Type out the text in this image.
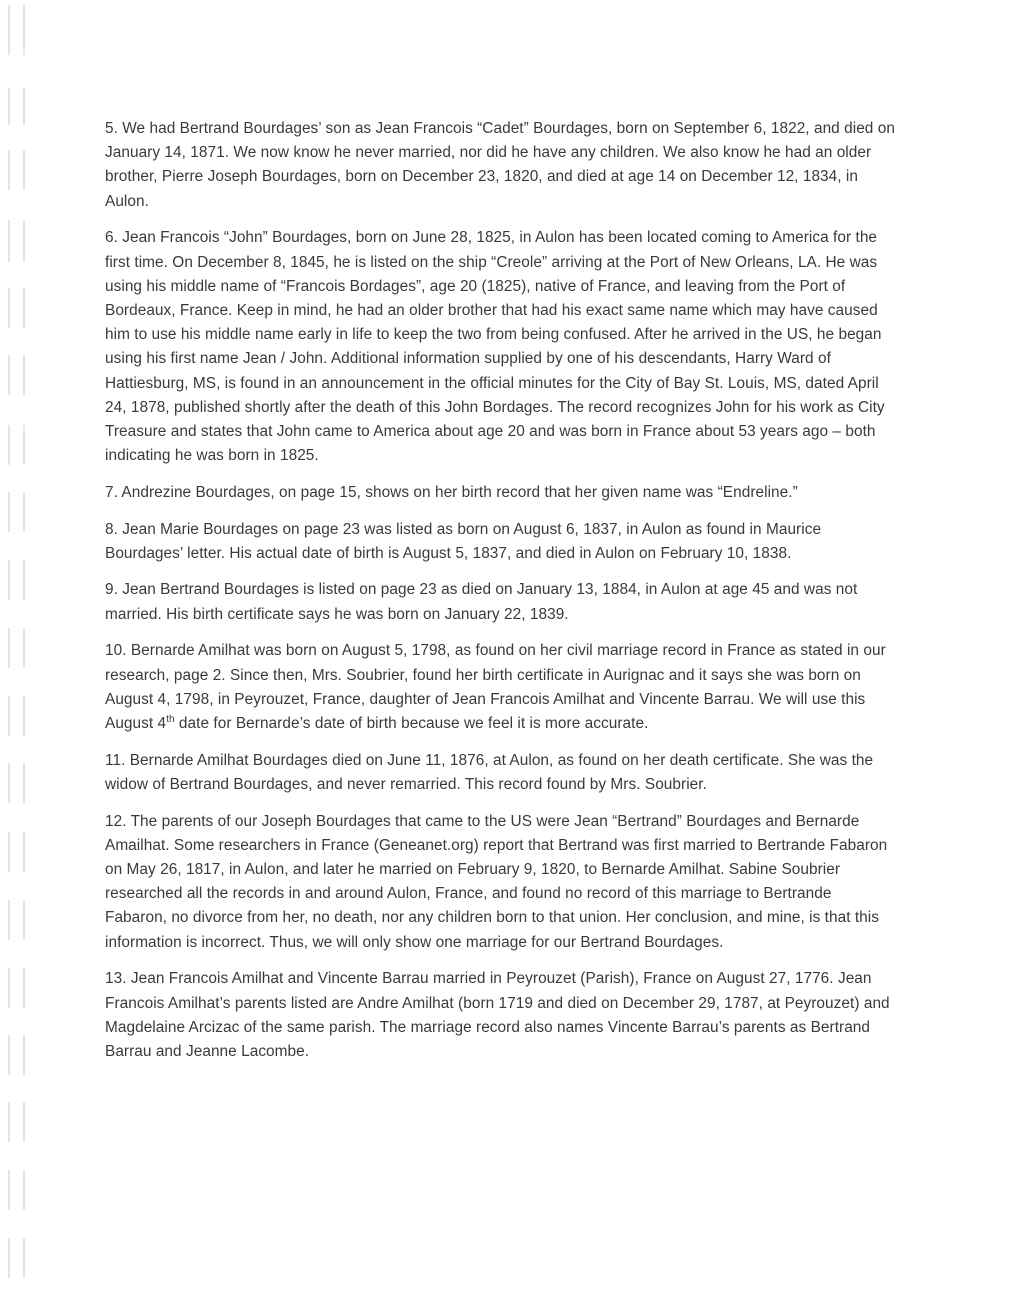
5. We had Bertrand Bourdages’ son as Jean Francois “Cadet” Bourdages, born on September 6, 1822, and died on January 14, 1871. We now know he never married, nor did he have any children. We also know he had an older brother, Pierre Joseph Bourdages, born on December 23, 1820, and died at age 14 on December 12, 1834, in Aulon.

6. Jean Francois “John” Bourdages, born on June 28, 1825, in Aulon has been located coming to America for the first time. On December 8, 1845, he is listed on the ship “Creole” arriving at the Port of New Orleans, LA. He was using his middle name of “Francois Bordages”, age 20 (1825), native of France, and leaving from the Port of Bordeaux, France. Keep in mind, he had an older brother that had his exact same name which may have caused him to use his middle name early in life to keep the two from being confused. After he arrived in the US, he began using his first name Jean / John. Additional information supplied by one of his descendants, Harry Ward of Hattiesburg, MS, is found in an announcement in the official minutes for the City of Bay St. Louis, MS, dated April 24, 1878, published shortly after the death of this John Bordages. The record recognizes John for his work as City Treasure and states that John came to America about age 20 and was born in France about 53 years ago – both indicating he was born in 1825.

7. Andrezine Bourdages, on page 15, shows on her birth record that her given name was “Endreline.”

8. Jean Marie Bourdages on page 23 was listed as born on August 6, 1837, in Aulon as found in Maurice Bourdages’ letter. His actual date of birth is August 5, 1837, and died in Aulon on February 10, 1838.

9. Jean Bertrand Bourdages is listed on page 23 as died on January 13, 1884, in Aulon at age 45 and was not married. His birth certificate says he was born on January 22, 1839.

10. Bernarde Amilhat was born on August 5, 1798, as found on her civil marriage record in France as stated in our research, page 2. Since then, Mrs. Soubrier, found her birth certificate in Aurignac and it says she was born on August 4, 1798, in Peyrouzet, France, daughter of Jean Francois Amilhat and Vincente Barrau. We will use this August 4th date for Bernarde’s date of birth because we feel it is more accurate.

11. Bernarde Amilhat Bourdages died on June 11, 1876, at Aulon, as found on her death certificate. She was the widow of Bertrand Bourdages, and never remarried. This record found by Mrs. Soubrier.

12. The parents of our Joseph Bourdages that came to the US were Jean “Bertrand” Bourdages and Bernarde Amailhat. Some researchers in France (Geneanet.org) report that Bertrand was first married to Bertrande Fabaron on May 26, 1817, in Aulon, and later he married on February 9, 1820, to Bernarde Amilhat. Sabine Soubrier researched all the records in and around Aulon, France, and found no record of this marriage to Bertrande Fabaron, no divorce from her, no death, nor any children born to that union. Her conclusion, and mine, is that this information is incorrect. Thus, we will only show one marriage for our Bertrand Bourdages.

13. Jean Francois Amilhat and Vincente Barrau married in Peyrouzet (Parish), France on August 27, 1776. Jean Francois Amilhat’s parents listed are Andre Amilhat (born 1719 and died on December 29, 1787, at Peyrouzet) and Magdelaine Arcizac of the same parish. The marriage record also names Vincente Barrau’s parents as Bertrand Barrau and Jeanne Lacombe.
